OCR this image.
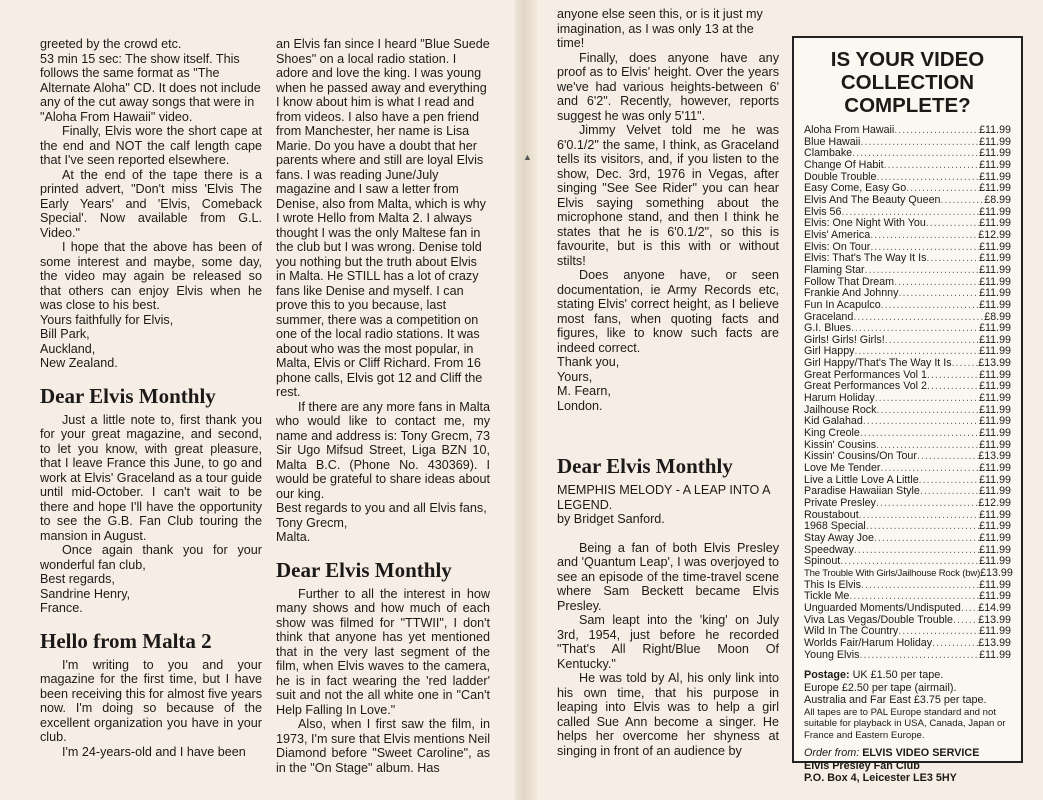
greeted by the crowd etc.

53 min 15 sec: The show itself. This follows the same format as "The Alternate Aloha" CD. It does not include any of the cut away songs that were in "Aloha From Hawaii" video.

Finally, Elvis wore the short cape at the end and NOT the calf length cape that I've seen reported elsewhere.

At the end of the tape there is a printed advert, "Don't miss 'Elvis The Early Years' and 'Elvis, Comeback Special'. Now available from G.L. Video."

I hope that the above has been of some interest and maybe, some day, the video may again be released so that others can enjoy Elvis when he was close to his best.

Yours faithfully for Elvis,

Bill Park,

Auckland,

New Zealand.

Dear Elvis Monthly

Just a little note to, first thank you for your great magazine, and second, to let you know, with great pleasure, that I leave France this June, to go and work at Elvis' Graceland as a tour guide until mid-October. I can't wait to be there and hope I'll have the opportunity to see the G.B. Fan Club touring the mansion in August.

Once again thank you for your wonderful fan club,

Best regards,

Sandrine Henry,

France.

Hello from Malta 2

I'm writing to you and your magazine for the first time, but I have been receiving this for almost five years now. I'm doing so because of the excellent organization you have in your club.

I'm 24-years-old and I have been

an Elvis fan since I heard "Blue Suede Shoes" on a local radio station. I adore and love the king. I was young when he passed away and everything I know about him is what I read and from videos. I also have a pen friend from Manchester, her name is Lisa Marie. Do you have a doubt that her parents where and still are loyal Elvis fans. I was reading June/July magazine and I saw a letter from Denise, also from Malta, which is why I wrote Hello from Malta 2. I always thought I was the only Maltese fan in the club but I was wrong. Denise told you nothing but the truth about Elvis in Malta. He STILL has a lot of crazy fans like Denise and myself. I can prove this to you because, last summer, there was a competition on one of the local radio stations. It was about who was the most popular, in Malta, Elvis or Cliff Richard. From 16 phone calls, Elvis got 12 and Cliff the rest.

If there are any more fans in Malta who would like to contact me, my name and address is: Tony Grecm, 73 Sir Ugo Mifsud Street, Liga BZN 10, Malta B.C. (Phone No. 430369). I would be grateful to share ideas about our king.

Best regards to you and all Elvis fans,

Tony Grecm,

Malta.

Dear Elvis Monthly

Further to all the interest in how many shows and how much of each show was filmed for "TTWII", I don't think that anyone has yet mentioned that in the very last segment of the film, when Elvis waves to the camera, he is in fact wearing the 'red ladder' suit and not the all white one in "Can't Help Falling In Love."

Also, when I first saw the film, in 1973, I'm sure that Elvis mentions Neil Diamond before "Sweet Caroline", as in the "On Stage" album. Has

▲

anyone else seen this, or is it just my imagination, as I was only 13 at the time!

Finally, does anyone have any proof as to Elvis' height. Over the years we've had various heights-between 6' and 6'2". Recently, however, reports suggest he was only 5'11".

Jimmy Velvet told me he was 6'0.1/2" the same, I think, as Graceland tells its visitors, and, if you listen to the show, Dec. 3rd, 1976 in Vegas, after singing "See See Rider" you can hear Elvis saying something about the microphone stand, and then I think he states that he is 6'0.1/2", so this is favourite, but is this with or without stilts!

Does anyone have, or seen documentation, ie Army Records etc, stating Elvis' correct height, as I believe most fans, when quoting facts and figures, like to know such facts are indeed correct.

Thank you,

Yours,

M. Fearn,

London.

Dear Elvis Monthly

MEMPHIS MELODY - A LEAP INTO A LEGEND.

by Bridget Sanford.

Being a fan of both Elvis Presley and 'Quantum Leap', I was overjoyed to see an episode of the time-travel scene where Sam Beckett became Elvis Presley.

Sam leapt into the 'king' on July 3rd, 1954, just before he recorded "That's All Right/Blue Moon Of Kentucky."

He was told by Al, his only link into his own time, that his purpose in leaping into Elvis was to help a girl called Sue Ann become a singer. He helps her overcome her shyness at singing in front of an audience by

IS YOUR VIDEO
COLLECTION COMPLETE?
Aloha From Hawaii .....	£11.99
Blue Hawaii .....	£11.99
Clambake .....	£11.99
Change Of Habit .....	£11.99
Double Trouble .....	£11.99
Easy Come, Easy Go .....	£11.99
Elvis And The Beauty Queen .....	£8.99
Elvis 56 .....	£11.99
Elvis: One Night With You .....	£11.99
Elvis' America .....	£12.99
Elvis: On Tour .....	£11.99
Elvis: That's The Way It Is .....	£11.99
Flaming Star .....	£11.99
Follow That Dream .....	£11.99
Frankie And Johnny .....	£11.99
Fun In Acapulco .....	£11.99
Graceland .....	£8.99
G.I. Blues .....	£11.99
Girls! Girls! Girls! .....	£11.99
Girl Happy .....	£11.99
Girl Happy/That's The Way It Is ..... £13.99
Great Performances Vol 1 .....	£11.99
Great Performances Vol 2 .....	£11.99
Harum Holiday .....	£11.99
Jailhouse Rock .....	£11.99
Kid Galahad .....	£11.99
King Creole .....	£11.99
Kissin' Cousins .....	£11.99
Kissin' Cousins/On Tour .....	£13.99
Love Me Tender .....	£11.99
Live a Little Love A Little .....	£11.99
Paradise Hawaiian Style .....	£11.99
Private Presley .....	£12.99
Roustabout .....	£11.99
1968 Special .....	£11.99
Stay Away Joe .....	£11.99
Speedway .....	£11.99
Spinout .....	£11.99
The Trouble With Girls/Jailhouse Rock (bw) £13.99
This Is Elvis .....	£11.99
Tickle Me .....	£11.99
Unguarded Moments/Undisputed ..... £14.99
Viva Las Vegas/Double Trouble ..... £13.99
Wild In The Country .....	£11.99
Worlds Fair/Harum Holiday .....	£13.99
Young Elvis .....	£11.99
Postage: UK £1.50 per tape.
Europe £2.50 per tape (airmail).
Australia and Far East £3.75 per tape.
All tapes are to PAL Europe standard and not suitable for playback in USA, Canada, Japan or France and Eastern Europe.
Order from: ELVIS VIDEO SERVICE
Elvis Presley Fan Club
P.O. Box 4, Leicester LE3 5HY
